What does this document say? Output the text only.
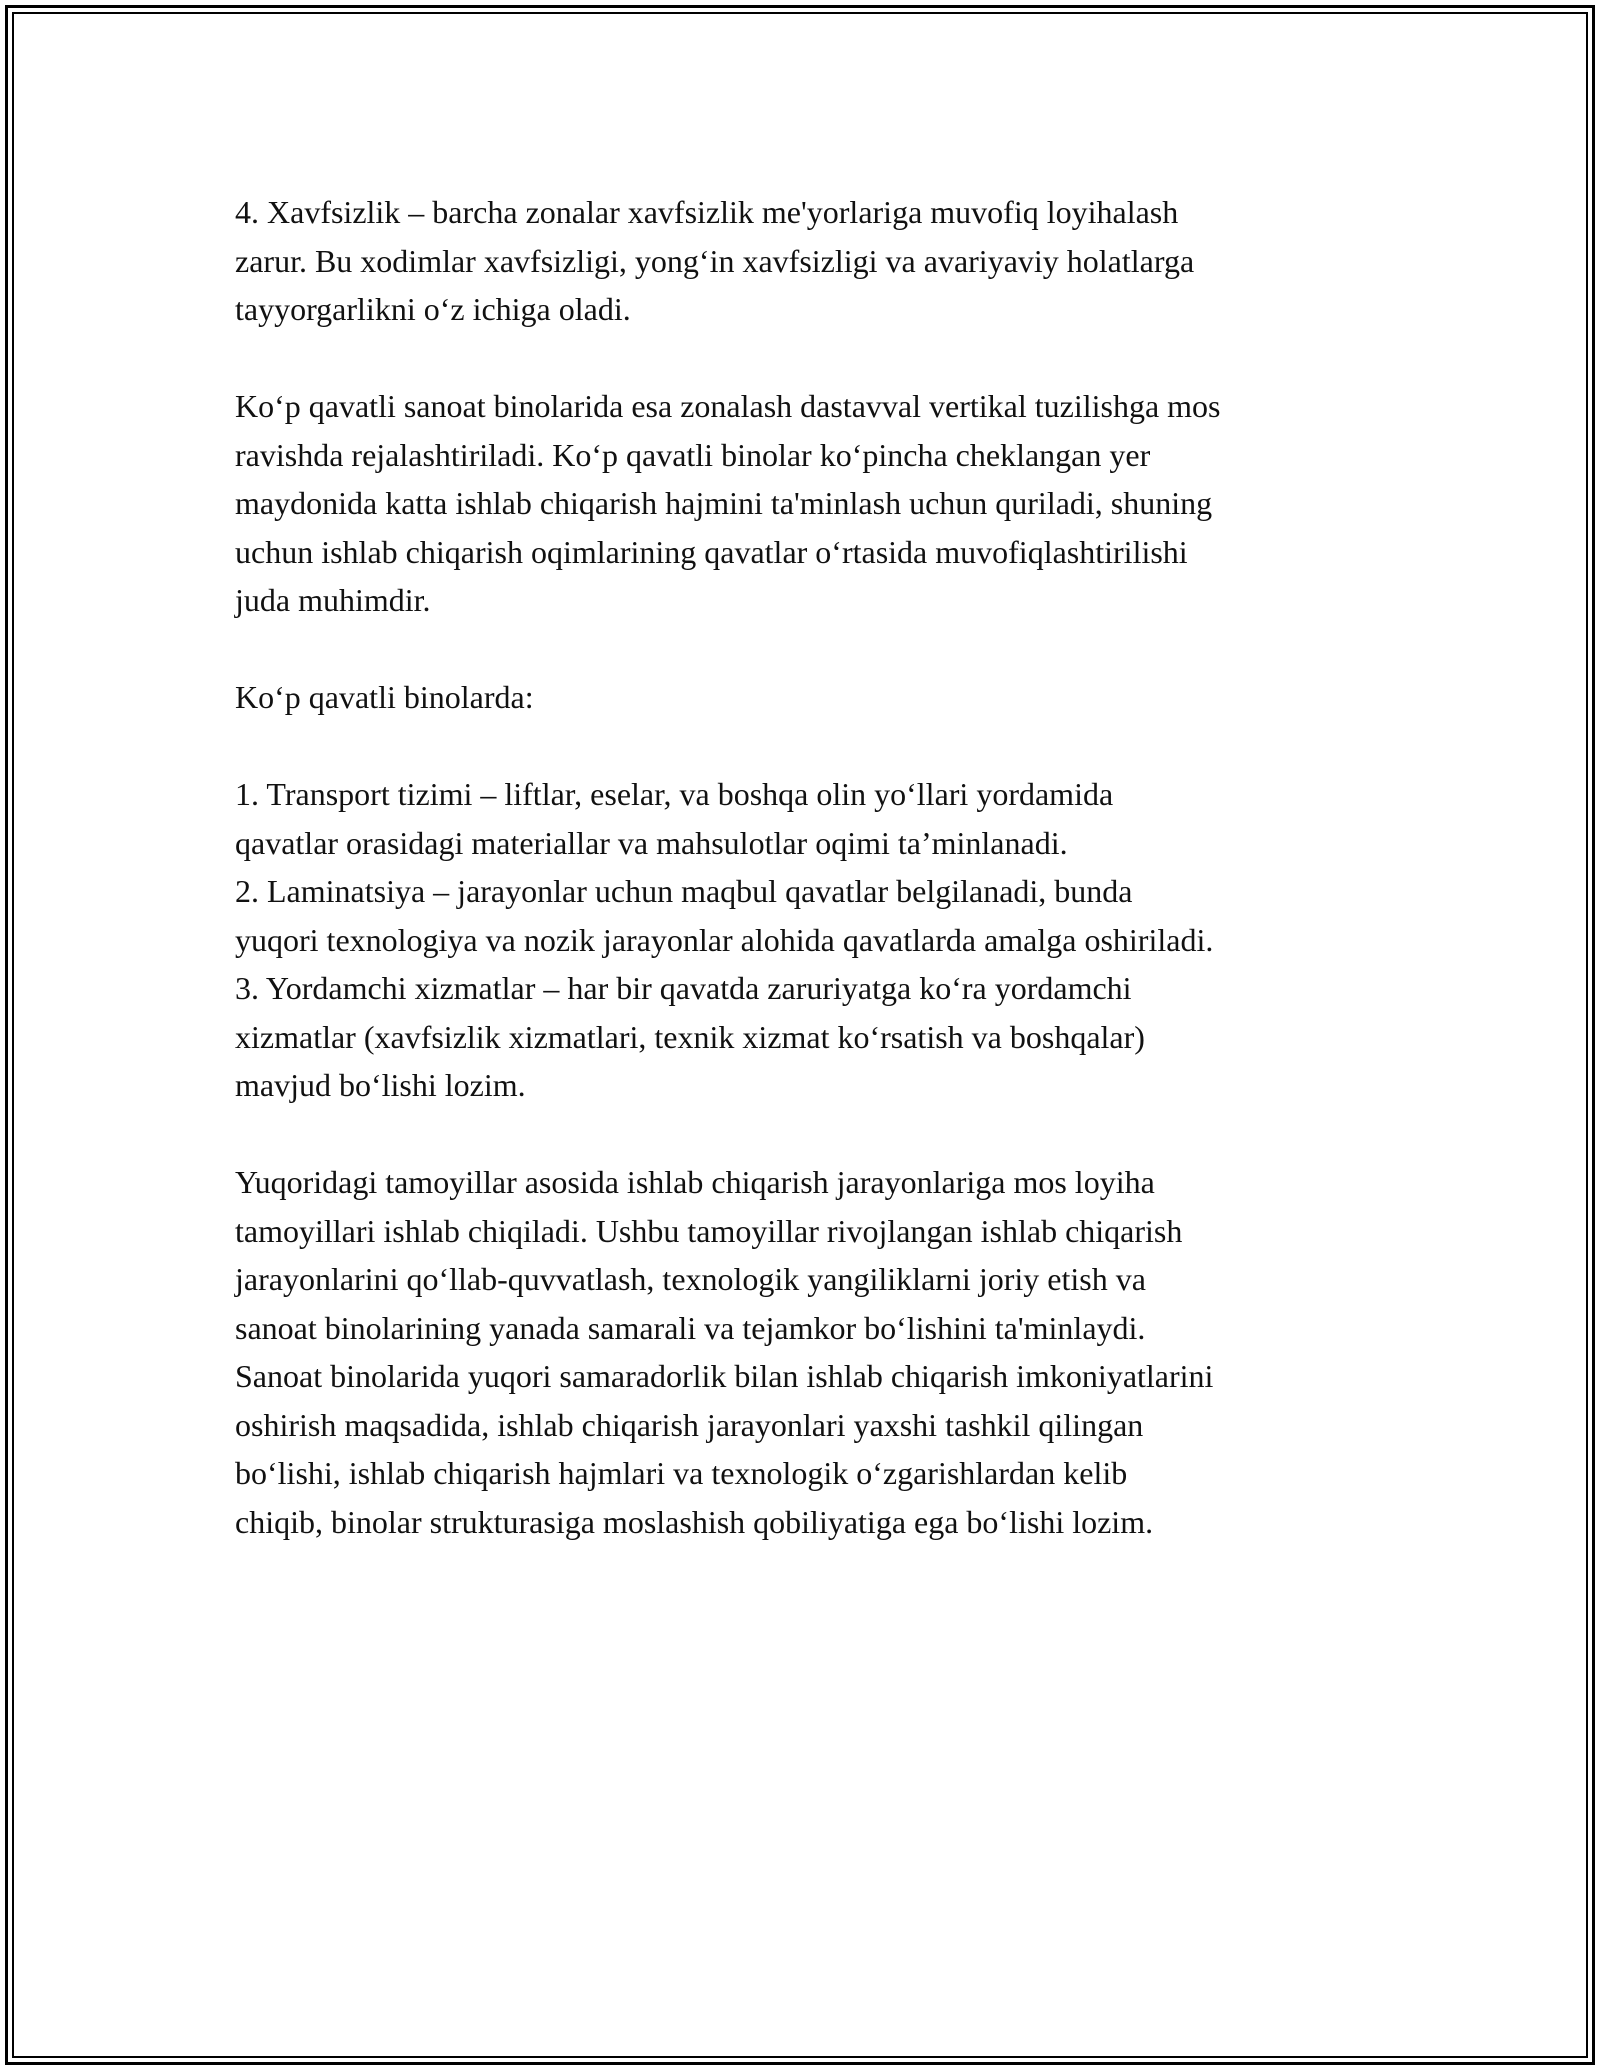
4. Xavfsizlik – barcha zonalar xavfsizlik me'yorlariga muvofiq loyihalash

zarur. Bu xodimlar xavfsizligi, yong‘in xavfsizligi va avariyaviy holatlarga

tayyorgarlikni o‘z ichiga oladi.

Ko‘p qavatli sanoat binolarida esa zonalash dastavval vertikal tuzilishga mos

ravishda rejalashtiriladi. Ko‘p qavatli binolar ko‘pincha cheklangan yer

maydonida katta ishlab chiqarish hajmini ta'minlash uchun quriladi, shuning

uchun ishlab chiqarish oqimlarining qavatlar o‘rtasida muvofiqlashtirilishi

juda muhimdir.

Ko‘p qavatli binolarda:

1. Transport tizimi – liftlar, eselar, va boshqa olin yo‘llari yordamida

qavatlar orasidagi materiallar va mahsulotlar oqimi ta’minlanadi.

2. Laminatsiya – jarayonlar uchun maqbul qavatlar belgilanadi, bunda

yuqori texnologiya va nozik jarayonlar alohida qavatlarda amalga oshiriladi.

3. Yordamchi xizmatlar – har bir qavatda zaruriyatga ko‘ra yordamchi

xizmatlar (xavfsizlik xizmatlari, texnik xizmat ko‘rsatish va boshqalar)

mavjud bo‘lishi lozim.

Yuqoridagi tamoyillar asosida ishlab chiqarish jarayonlariga mos loyiha

tamoyillari ishlab chiqiladi. Ushbu tamoyillar rivojlangan ishlab chiqarish

jarayonlarini qo‘llab-quvvatlash, texnologik yangiliklarni joriy etish va

sanoat binolarining yanada samarali va tejamkor bo‘lishini ta'minlaydi.

Sanoat binolarida yuqori samaradorlik bilan ishlab chiqarish imkoniyatlarini

oshirish maqsadida, ishlab chiqarish jarayonlari yaxshi tashkil qilingan

bo‘lishi, ishlab chiqarish hajmlari va texnologik o‘zgarishlardan kelib

chiqib, binolar strukturasiga moslashish qobiliyatiga ega bo‘lishi lozim.
